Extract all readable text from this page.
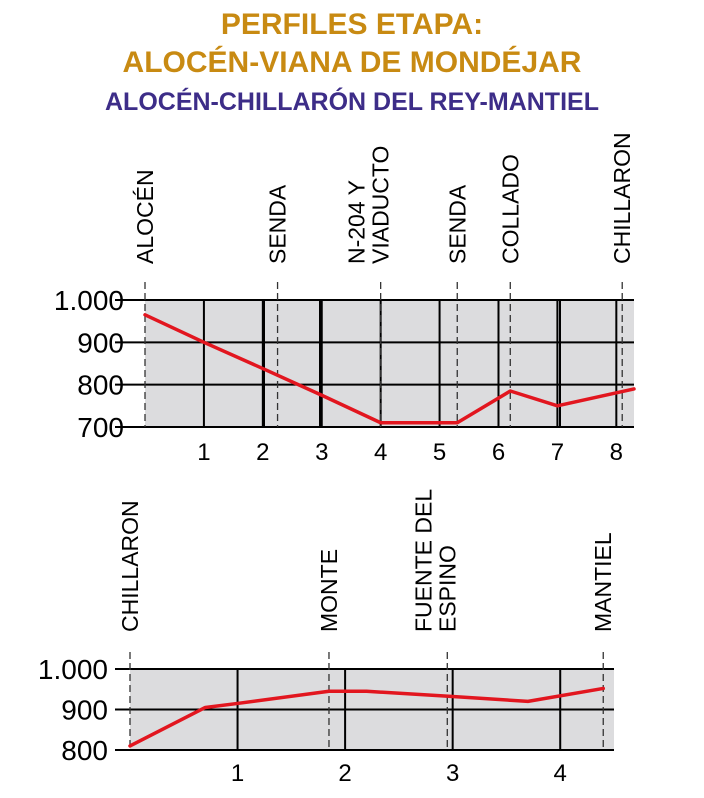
PERFILES ETAPA:
ALOCÉN-VIANA DE MONDÉJAR
ALOCÉN-CHILLARÓN DEL REY-MANTIEL
700
800
900
1.000
1 2 3 4 5 6 7 8
ALOCÉN	SENDA N-204 Y
VIADUCTO SENDA COLLADO	CHILLARON
800
900
1.000
1	2	3	4
CHILLARON	MONTE	FUENTE DEL
ESPINO	MANTIEL
